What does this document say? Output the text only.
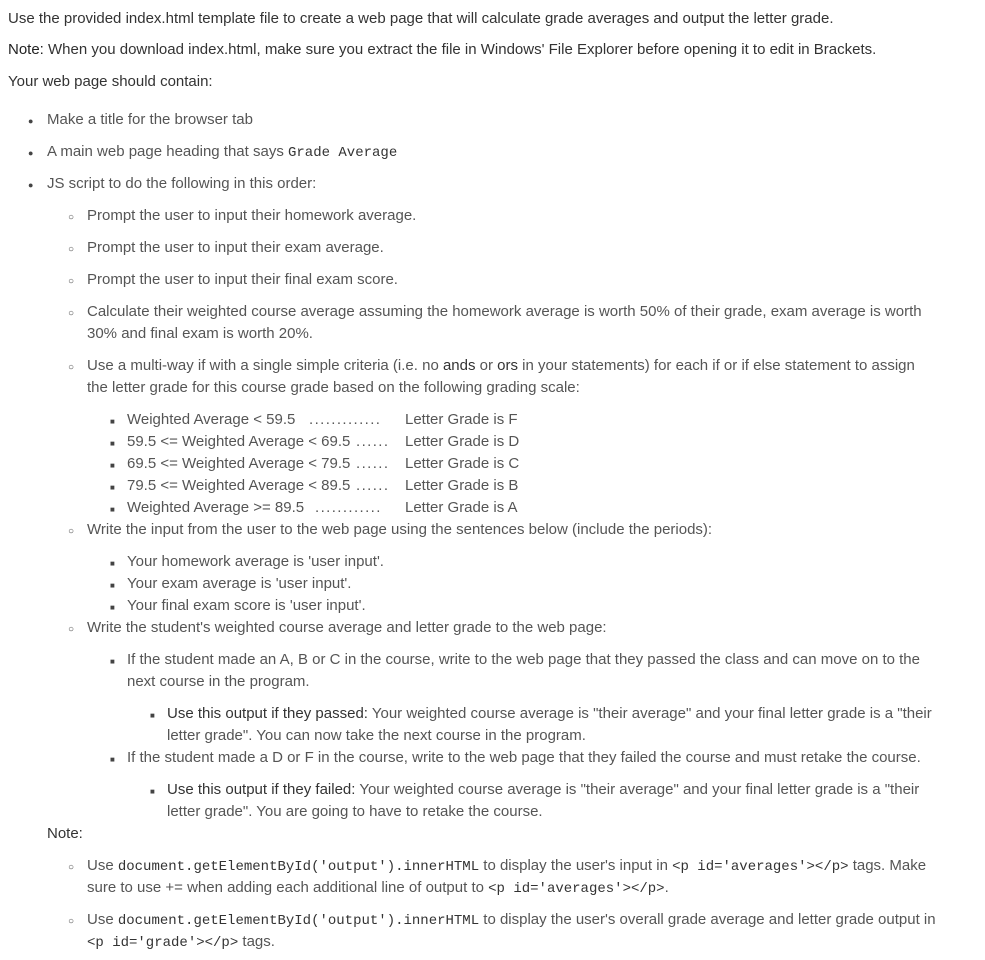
Use the provided index.html template file to create a web page that will calculate grade averages and output the letter grade.
Note: When you download index.html, make sure you extract the file in Windows' File Explorer before opening it to edit in Brackets.
Your web page should contain:
●
Make a title for the browser tab
●
A main web page heading that says Grade Average
●
JS script to do the following in this order:
○
Prompt the user to input their homework average.
○
Prompt the user to input their exam average.
○
Prompt the user to input their final exam score.
○
Calculate their weighted course average assuming the homework average is worth 50% of their grade, exam average is worth
30% and final exam is worth 20%.
○
Use a multi-way if with a single simple criteria (i.e. no ands or ors in your statements) for each if or if else statement to assign
the letter grade for this course grade based on the following grading scale:
■
Weighted Average < 59.5 .............	Letter Grade is F
■
59.5 <= Weighted Average < 69.5 ......	Letter Grade is D
■
69.5 <= Weighted Average < 79.5 ......	Letter Grade is C
■
79.5 <= Weighted Average < 89.5 ......	Letter Grade is B
■
Weighted Average >= 89.5 ............	Letter Grade is A
○
Write the input from the user to the web page using the sentences below (include the periods):
■
Your homework average is 'user input'.
■
Your exam average is 'user input'.
■
Your final exam score is 'user input'.
○
Write the student's weighted course average and letter grade to the web page:
■
If the student made an A, B or C in the course, write to the web page that they passed the class and can move on to the
next course in the program.
■
Use this output if they passed: Your weighted course average is "their average" and your final letter grade is a "their
letter grade". You can now take the next course in the program.
■
If the student made a D or F in the course, write to the web page that they failed the course and must retake the course.
■
Use this output if they failed: Your weighted course average is "their average" and your final letter grade is a "their
letter grade". You are going to have to retake the course.
Note:
○
Use document.getElementById('output').innerHTML to display the user's input in <p id='averages'></p> tags. Make
sure to use += when adding each additional line of output to <p id='averages'></p>.
○
Use document.getElementById('output').innerHTML to display the user's overall grade average and letter grade output in
<p id='grade'></p> tags.
